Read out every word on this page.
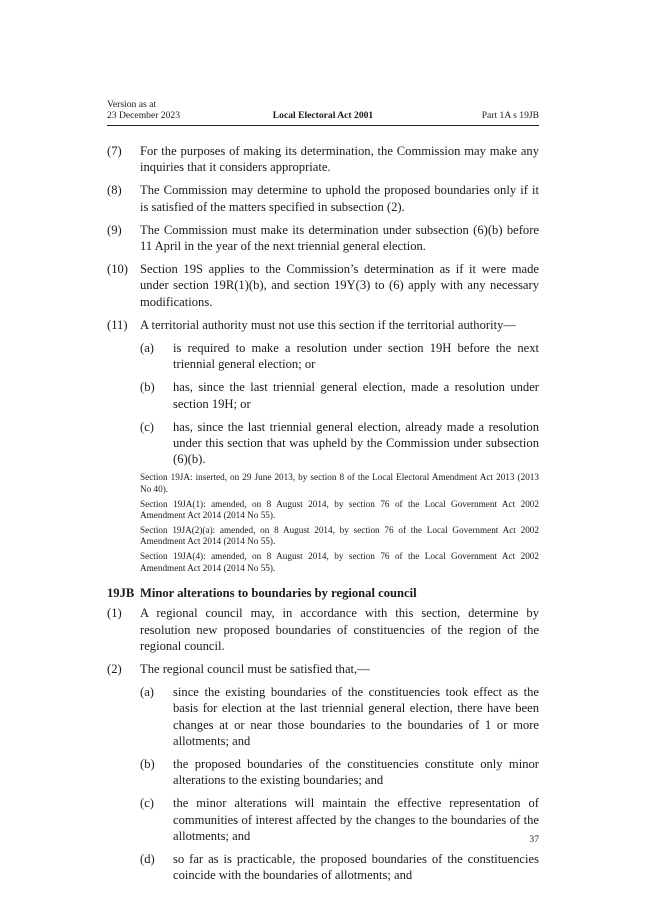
Version as at
23 December 2023	Local Electoral Act 2001	Part 1A s 19JB
(7) For the purposes of making its determination, the Commission may make any inquiries that it considers appropriate.
(8) The Commission may determine to uphold the proposed boundaries only if it is satisfied of the matters specified in subsection (2).
(9) The Commission must make its determination under subsection (6)(b) before 11 April in the year of the next triennial general election.
(10) Section 19S applies to the Commission’s determination as if it were made under section 19R(1)(b), and section 19Y(3) to (6) apply with any necessary modifications.
(11) A territorial authority must not use this section if the territorial authority—
(a) is required to make a resolution under section 19H before the next triennial general election; or
(b) has, since the last triennial general election, made a resolution under section 19H; or
(c) has, since the last triennial general election, already made a resolution under this section that was upheld by the Commission under subsection (6)(b).
Section 19JA: inserted, on 29 June 2013, by section 8 of the Local Electoral Amendment Act 2013 (2013 No 40).
Section 19JA(1): amended, on 8 August 2014, by section 76 of the Local Government Act 2002 Amendment Act 2014 (2014 No 55).
Section 19JA(2)(a): amended, on 8 August 2014, by section 76 of the Local Government Act 2002 Amendment Act 2014 (2014 No 55).
Section 19JA(4): amended, on 8 August 2014, by section 76 of the Local Government Act 2002 Amendment Act 2014 (2014 No 55).
19JB Minor alterations to boundaries by regional council
(1) A regional council may, in accordance with this section, determine by resolution new proposed boundaries of constituencies of the region of the regional council.
(2) The regional council must be satisfied that,—
(a) since the existing boundaries of the constituencies took effect as the basis for election at the last triennial general election, there have been changes at or near those boundaries to the boundaries of 1 or more allotments; and
(b) the proposed boundaries of the constituencies constitute only minor alterations to the existing boundaries; and
(c) the minor alterations will maintain the effective representation of communities of interest affected by the changes to the boundaries of the allotments; and
(d) so far as is practicable, the proposed boundaries of the constituencies coincide with the boundaries of allotments; and
37
